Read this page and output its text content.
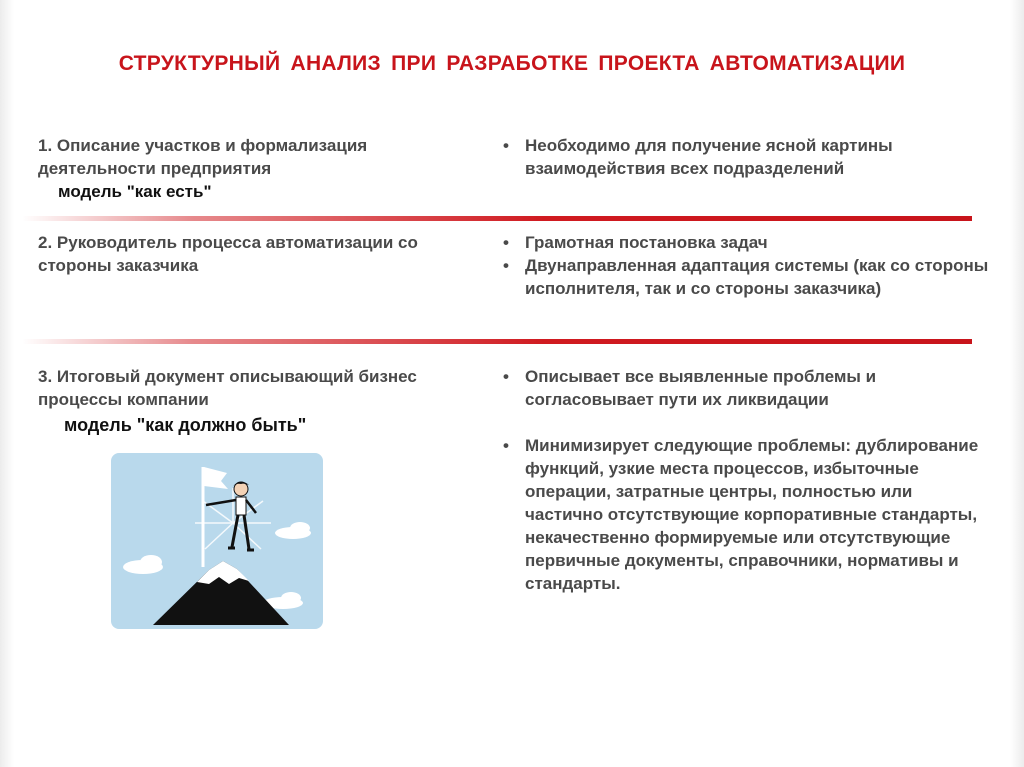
СТРУКТУРНЫЙ АНАЛИЗ ПРИ РАЗРАБОТКЕ ПРОЕКТА АВТОМАТИЗАЦИИ
1. Описание участков и формализация деятельности предприятия
модель "как есть"
• Необходимо для получение ясной картины взаимодействия всех подразделений
2. Руководитель процесса автоматизации со стороны заказчика
• Грамотная постановка задач
• Двунаправленная адаптация системы (как со стороны исполнителя, так и со стороны заказчика)
3. Итоговый документ описывающий бизнес процессы компании
модель "как должно быть"
• Описывает все выявленные проблемы и согласовывает пути их ликвидации
• Минимизирует следующие проблемы: дублирование функций, узкие места процессов, избыточные операции, затратные центры, полностью или частично отсутствующие корпоративные стандарты, некачественно формируемые или отсутствующие первичные документы, справочники, нормативы и стандарты.
